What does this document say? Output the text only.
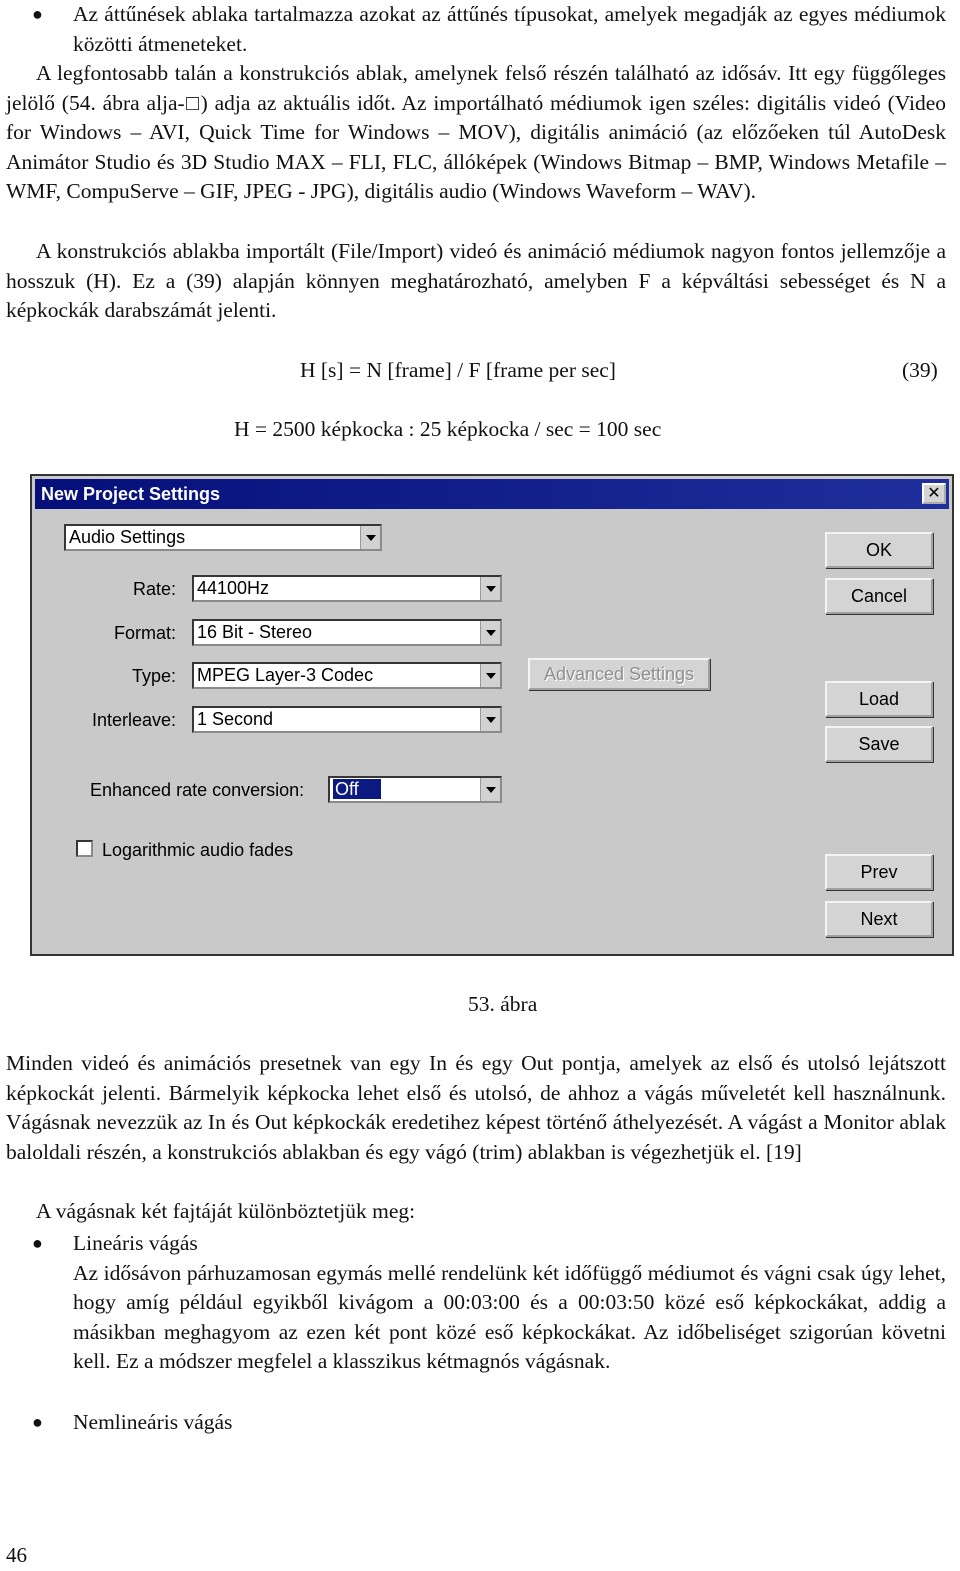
● Az áttűnések ablaka tartalmazza azokat az áttűnés típusokat, amelyek megadják az egyes médiumok közötti átmeneteket.

A legfontosabb talán a konstrukciós ablak, amelynek felső részén található az idősáv. Itt egy függőleges jelölő (54. ábra alja-□) adja az aktuális időt. Az importálható médiumok igen széles: digitális videó (Video for Windows – AVI, Quick Time for Windows – MOV), digitális animáció (az előzőeken túl AutoDesk Animátor Studio és 3D Studio MAX – FLI, FLC, állóképek (Windows Bitmap – BMP, Windows Metafile – WMF, CompuServe – GIF, JPEG - JPG), digitális audio (Windows Waveform – WAV).

A konstrukciós ablakba importált (File/Import) videó és animáció médiumok nagyon fontos jellemzője a hosszuk (H). Ez a (39) alapján könnyen meghatározható, amelyben F a képváltási sebességet és N a képkockák darabszámát jelenti.

H [s] = N [frame] / F [frame per sec]	(39)
H = 2500 képkocka : 25 képkocka / sec = 100 sec
New Project Settings	✕
Audio Settings
Rate: 44100Hz
Format: 16 Bit - Stereo
Type: MPEG Layer-3 Codec	Advanced Settings
Interleave: 1 Second
Enhanced rate conversion:	Off
Logarithmic audio fades
OK
Cancel
Load
Save
Prev
Next
53. ábra

Minden videó és animációs presetnek van egy In és egy Out pontja, amelyek az első és utolsó lejátszott képkockát jelenti. Bármelyik képkocka lehet első és utolsó, de ahhoz a vágás műveletét kell használnunk. Vágásnak nevezzük az In és Out képkockák eredetihez képest történő áthelyezését. A vágást a Monitor ablak baloldali részén, a konstrukciós ablakban és egy vágó (trim) ablakban is végezhetjük el. [19]

A vágásnak két fajtáját különböztetjük meg:

● Lineáris vágás

Az idősávon párhuzamosan egymás mellé rendelünk két időfüggő médiumot és vágni csak úgy lehet, hogy amíg például egyikből kivágom a 00:03:00 és a 00:03:50 közé eső képkockákat, addig a másikban meghagyom az ezen két pont közé eső képkockákat. Az időbeliséget szigorúan követni kell. Ez a módszer megfelel a klasszikus kétmagnós vágásnak.

● Nemlineáris vágás

46
